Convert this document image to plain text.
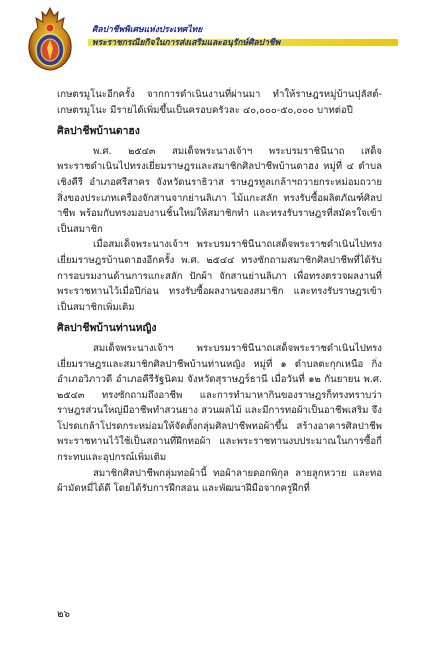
ศิลปาชีพพิเศษแห่งประเทศไทย
พระราชกรณียกิจในการส่งเสริมและอนุรักษ์ศิลปาชีพ

เกษตรมูโนะอีกครั้ง จากการดำเนินงานที่ผ่านมา ทำให้ราษฎรหมู่บ้านปุลัสต์-เกษตรมูโนะ มีรายได้เพิ่มขึ้นเป็นครอบครัวละ ๔๐,๐๐๐-๕๐,๐๐๐ บาทต่อปี

ศิลปาชีพบ้านดาฮง

พ.ศ. ๒๕๔๓ สมเด็จพระนางเจ้าฯ พระบรมราชินีนาถ เสด็จพระราชดำเนินไปทรงเยี่ยมราษฎรและสมาชิกศิลปาชีพบ้านดาฮง หมู่ที่ ๔ ตำบลเชิงคีรี อำเภอศรีสาคร จังหวัดนราธิวาส ราษฎรทูลเกล้าฯถวายกระหม่อมถวายสิ่งของประเภทเครื่องจักสานจากย่านลิเภา ไม้แกะสลัก ทรงรับซื้อผลิตภัณฑ์ศิลปาชีพ พร้อมกับทรงมอบงานชิ้นใหม่ให้สมาชิกทำ และทรงรับราษฎรที่สมัครใจเข้าเป็นสมาชิก

เมื่อสมเด็จพระนางเจ้าฯ พระบรมราชินีนาถเสด็จพระราชดำเนินไปทรงเยี่ยมราษฎรบ้านดาฮงอีกครั้ง พ.ศ. ๒๕๔๔ ทรงซักถามสมาชิกศิลปาชีพที่ได้รับการอบรมงานด้านการแกะสลัก ปักผ้า จักสานย่านลิเภา เพื่อทรงตรวจผลงานที่พระราชทานไว้เมื่อปีก่อน ทรงรับซื้อผลงานของสมาชิก และทรงรับราษฎรเข้าเป็นสมาชิกเพิ่มเติม

ศิลปาชีพบ้านท่านหญิง

สมเด็จพระนางเจ้าฯ พระบรมราชินีนาถเสด็จพระราชดำเนินไปทรงเยี่ยมราษฎรและสมาชิกศิลปาชีพบ้านท่านหญิง หมู่ที่ ๑ ตำบลตะกุกเหนือ กิ่งอำเภอวิภาวดี อำเภอคีรีรัฐนิคม จังหวัดสุราษฎร์ธานี เมื่อวันที่ ๑๒ กันยายน พ.ศ. ๒๕๔๓ ทรงซักถามถึงอาชีพ และการทำมาหากินของราษฎรก็ทรงทราบว่า ราษฎรส่วนใหญ่มีอาชีพทำสวนยาง สวนผลไม้ และมีการทอผ้าเป็นอาชีพเสริม จึงโปรดเกล้าโปรดกระหม่อมให้จัดตั้งกลุ่มศิลปาชีพทอผ้าขึ้น สร้างอาคารศิลปาชีพพระราชทานไว้ใช้เป็นสถานที่ฝึกทอผ้า และพระราชทานงบประมาณในการซื้อกี่กระทบและอุปกรณ์เพิ่มเติม

สมาชิกศิลปาชีพกลุ่มทอผ้านี้ ทอผ้าลายดอกพิกุล ลายลูกหวาย และทอผ้ามัดหมี่ได้ดี โดยได้รับการฝึกสอน และพัฒนาฝีมือจากครูฝึกที่

๒๖
